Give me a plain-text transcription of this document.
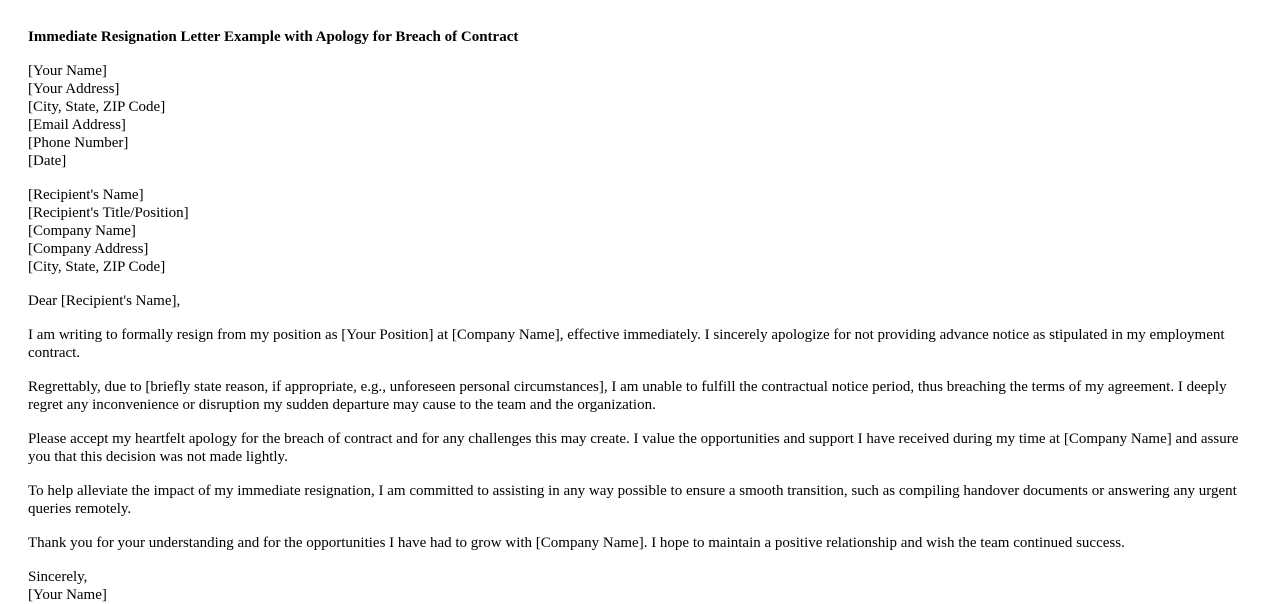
Immediate Resignation Letter Example with Apology for Breach of Contract
[Your Name]
[Your Address]
[City, State, ZIP Code]
[Email Address]
[Phone Number]
[Date]
[Recipient's Name]
[Recipient's Title/Position]
[Company Name]
[Company Address]
[City, State, ZIP Code]
Dear [Recipient's Name],
I am writing to formally resign from my position as [Your Position] at [Company Name], effective immediately. I sincerely apologize for not providing advance notice as stipulated in my employment contract.
Regrettably, due to [briefly state reason, if appropriate, e.g., unforeseen personal circumstances], I am unable to fulfill the contractual notice period, thus breaching the terms of my agreement. I deeply regret any inconvenience or disruption my sudden departure may cause to the team and the organization.
Please accept my heartfelt apology for the breach of contract and for any challenges this may create. I value the opportunities and support I have received during my time at [Company Name] and assure you that this decision was not made lightly.
To help alleviate the impact of my immediate resignation, I am committed to assisting in any way possible to ensure a smooth transition, such as compiling handover documents or answering any urgent queries remotely.
Thank you for your understanding and for the opportunities I have had to grow with [Company Name]. I hope to maintain a positive relationship and wish the team continued success.
Sincerely,
[Your Name]
